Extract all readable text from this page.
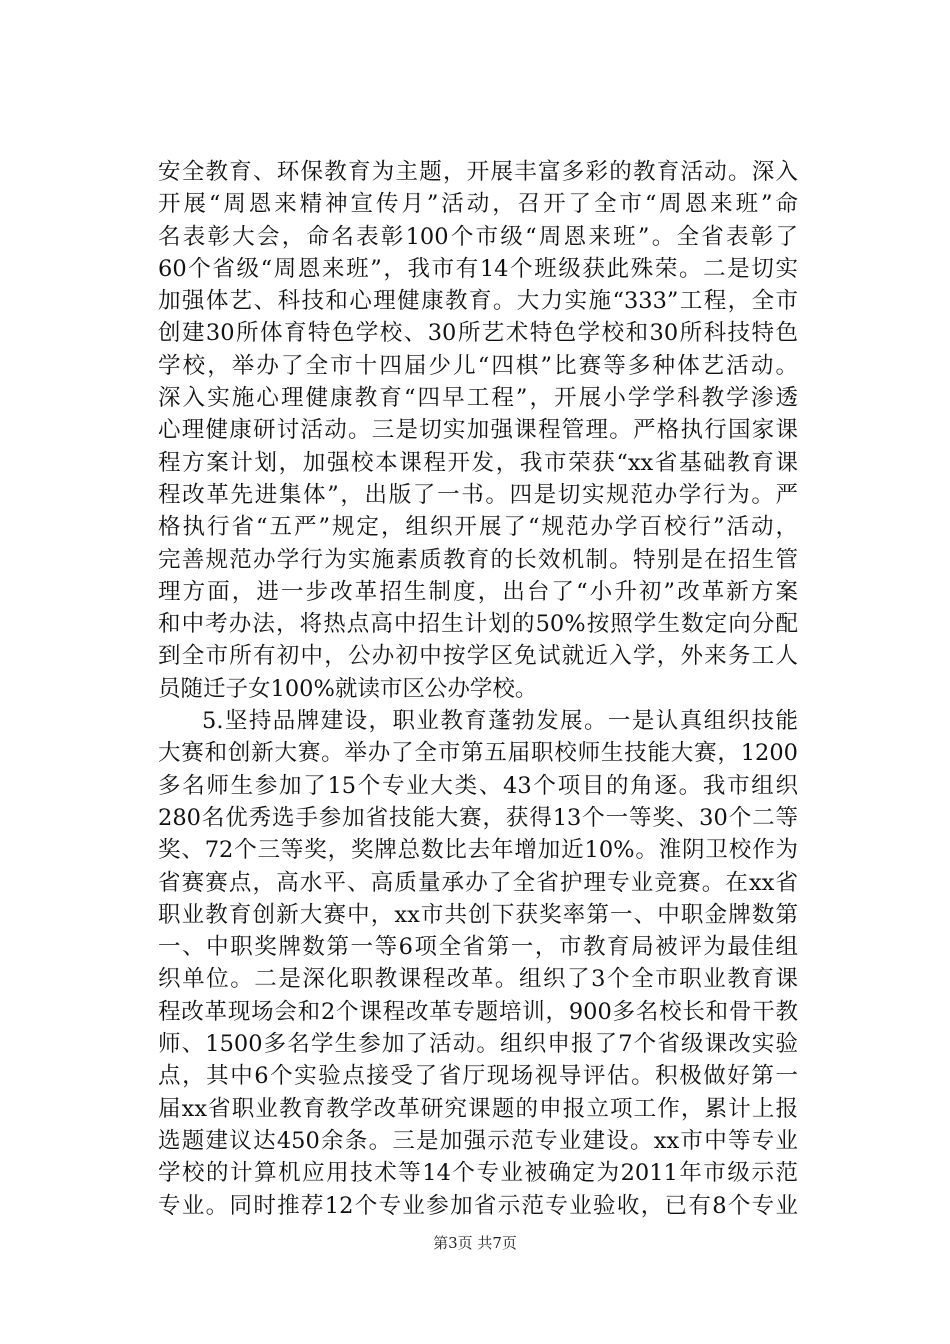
安全教育、环保教育为主题，开展丰富多彩的教育活动。深入
开展“周恩来精神宣传月”活动，召开了全市“周恩来班”命
名表彰大会，命名表彰100个市级“周恩来班”。全省表彰了
60个省级“周恩来班”，我市有14个班级获此殊荣。二是切实
加强体艺、科技和心理健康教育。大力实施“333”工程，全市
创建30所体育特色学校、30所艺术特色学校和30所科技特色
学校，举办了全市十四届少儿“四棋”比赛等多种体艺活动。
深入实施心理健康教育“四早工程”，开展小学学科教学渗透
心理健康研讨活动。三是切实加强课程管理。严格执行国家课
程方案计划，加强校本课程开发，我市荣获“xx省基础教育课
程改革先进集体”，出版了一书。四是切实规范办学行为。严
格执行省“五严”规定，组织开展了“规范办学百校行”活动，
完善规范办学行为实施素质教育的长效机制。特别是在招生管
理方面，进一步改革招生制度，出台了“小升初”改革新方案
和中考办法，将热点高中招生计划的50%按照学生数定向分配
到全市所有初中，公办初中按学区免试就近入学，外来务工人
员随迁子女100%就读市区公办学校。
5.坚持品牌建设，职业教育蓬勃发展。一是认真组织技能
大赛和创新大赛。举办了全市第五届职校师生技能大赛，1200
多名师生参加了15个专业大类、43个项目的角逐。我市组织
280名优秀选手参加省技能大赛，获得13个一等奖、30个二等
奖、72个三等奖，奖牌总数比去年增加近10%。淮阴卫校作为
省赛赛点，高水平、高质量承办了全省护理专业竞赛。在xx省
职业教育创新大赛中，xx市共创下获奖率第一、中职金牌数第
一、中职奖牌数第一等6项全省第一，市教育局被评为最佳组
织单位。二是深化职教课程改革。组织了3个全市职业教育课
程改革现场会和2个课程改革专题培训，900多名校长和骨干教
师、1500多名学生参加了活动。组织申报了7个省级课改实验
点，其中6个实验点接受了省厅现场视导评估。积极做好第一
届xx省职业教育教学改革研究课题的申报立项工作，累计上报
选题建议达450余条。三是加强示范专业建设。xx市中等专业
学校的计算机应用技术等14个专业被确定为2011年市级示范
专业。同时推荐12个专业参加省示范专业验收，已有8个专业
第3页 共7页
